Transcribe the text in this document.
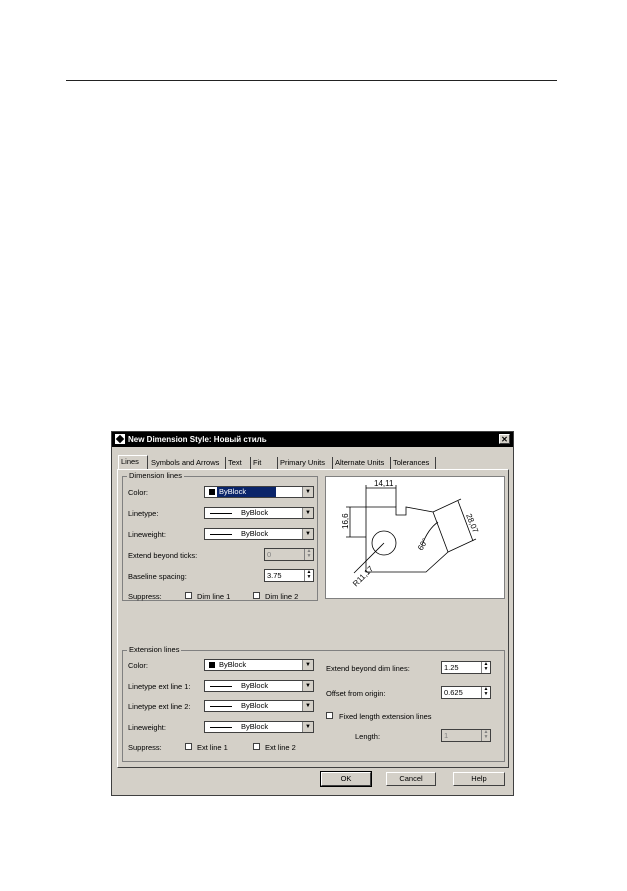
New Dimension Style: Новый стиль	✕
Lines	Symbols and Arrows	Text	Fit	Primary Units	Alternate Units	Tolerances
Dimension lines
Color:	ByBlock	▼
Linetype:	ByBlock	▼
Lineweight:	ByBlock	▼
Extend beyond ticks:	0	▲
▼
Baseline spacing:	3.75	▲
▼
Suppress:	Dim line 1	Dim line 2
14,11
16,6	28,07
60°
R11,17
Extension lines
Color:	ByBlock	▼
Linetype ext line 1:	ByBlock	▼
Linetype ext line 2:	ByBlock	▼
Lineweight:	ByBlock	▼
Suppress:	Ext line 1	Ext line 2
Extend beyond dim lines:	1.25	▲
▼
Offset from origin:	0.625	▲
▼
Fixed length extension lines
Length:	1	▲
▼
OK	Cancel	Help
